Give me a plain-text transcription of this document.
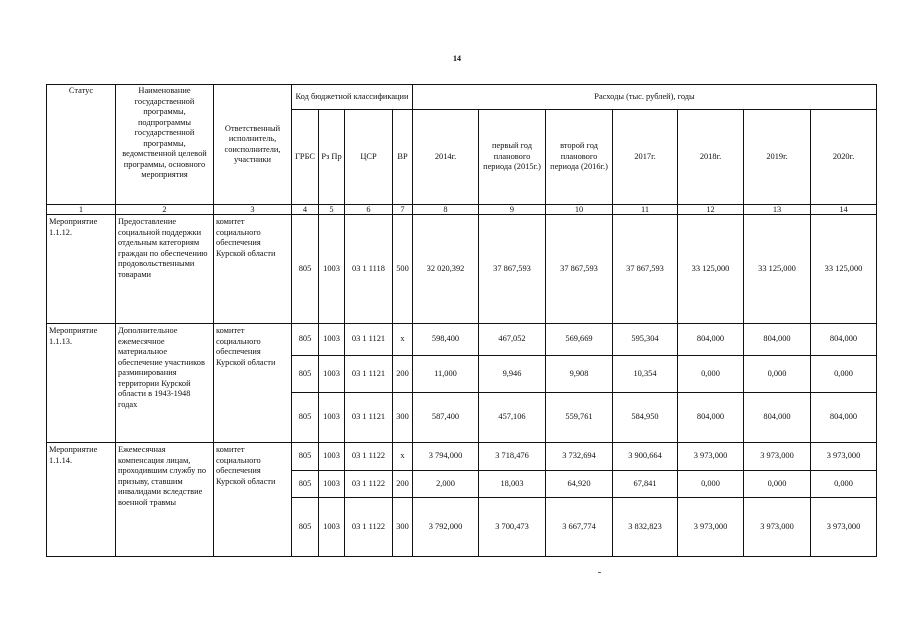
14
Статус	Наименование государственной программы, подпрограммы государственной программы, ведомственной целевой программы, основного мероприятия	Ответственный исполнитель, соисполнители, участники	Код бюджетной классификации				Расходы (тыс. рублей), годы						
			ГРБС	Рз Пр	ЦСР	ВР	2014г.	первый год планового периода (2015г.)	второй год планового периода (2016г.)	2017г.	2018г.	2019г.	2020г.
1	2	3	4	5	6	7	8	9	10	11	12	13	14
Мероприятие 1.1.12.	Предоставление социальной поддержки отдельным категориям граждан по обеспечению продовольственными товарами	комитет социального обеспечения Курской области	805	1003	03 1 1118	500	32 020,392	37 867,593	37 867,593	37 867,593	33 125,000	33 125,000	33 125,000
Мероприятие 1.1.13.	Дополнительное ежемесячное материальное обеспечение участников разминирования территории Курской области в 1943-1948 годах	комитет социального обеспечения Курской области	805	1003	03 1 1121	х	598,400	467,052	569,669	595,304	804,000	804,000	804,000
			805	1003	03 1 1121	200	11,000	9,946	9,908	10,354	0,000	0,000	0,000
			805	1003	03 1 1121	300	587,400	457,106	559,761	584,950	804,000	804,000	804,000
Мероприятие 1.1.14.	Ежемесячная компенсация лицам, проходившим службу по призыву, ставшим инвалидами вследствие военной травмы	комитет социального обеспечения Курской области	805	1003	03 1 1122	х	3 794,000	3 718,476	3 732,694	3 900,664	3 973,000	3 973,000	3 973,000
			805	1003	03 1 1122	200	2,000	18,003	64,920	67,841	0,000	0,000	0,000
			805	1003	03 1 1122	300	3 792,000	3 700,473	3 667,774	3 832,823	3 973,000	3 973,000	3 973,000
